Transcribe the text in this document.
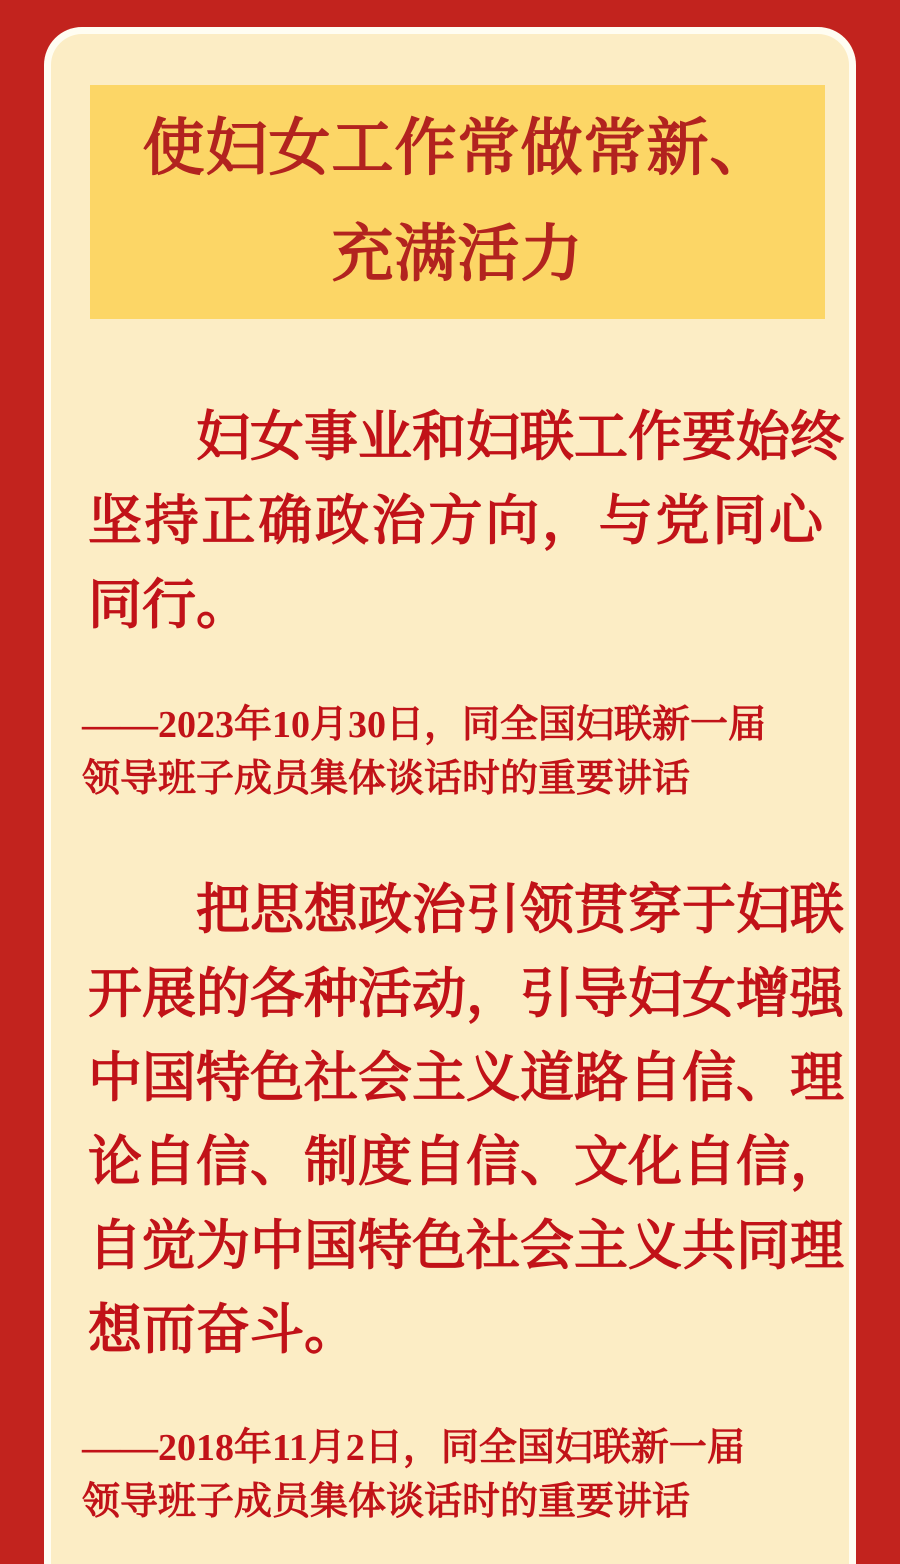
使妇女工作常做常新、
充满活力
妇女事业和妇联工作要始终
坚持正确政治方向，与党同心
同行。
——2023年10月30日，同全国妇联新一届
领导班子成员集体谈话时的重要讲话
把思想政治引领贯穿于妇联
开展的各种活动，引导妇女增强
中国特色社会主义道路自信、理
论自信、制度自信、文化自信，
自觉为中国特色社会主义共同理
想而奋斗。
——2018年11月2日，同全国妇联新一届
领导班子成员集体谈话时的重要讲话
